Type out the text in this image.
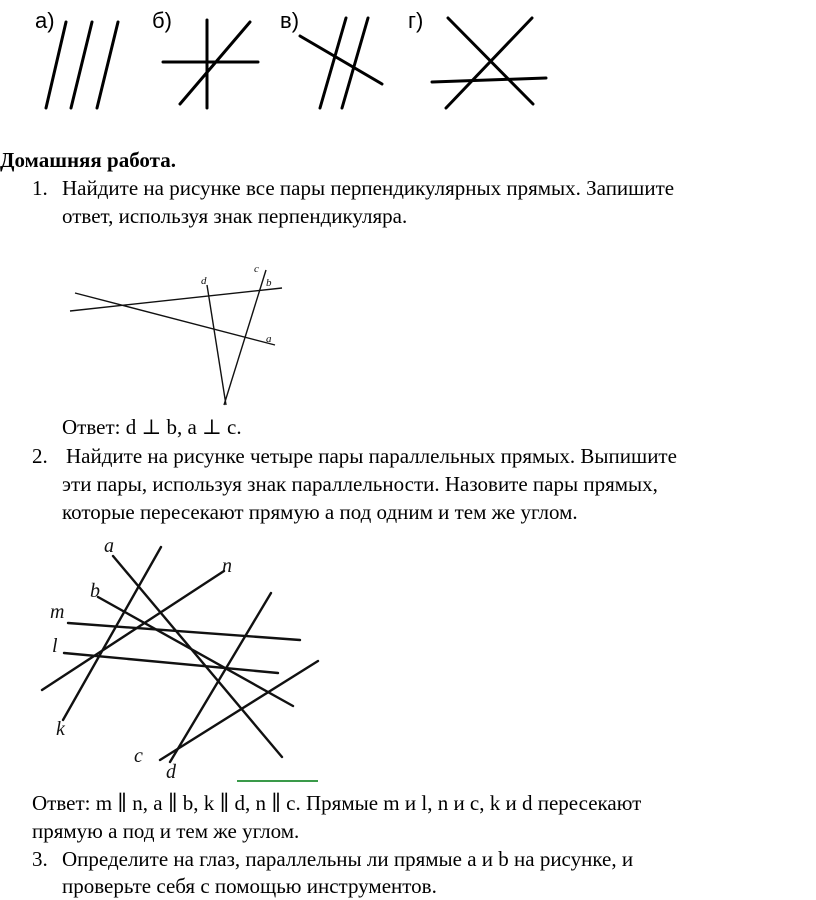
а)	б)	в)	г)
Домашняя работа.
1. Найдите на рисунке все пары перпендикулярных прямых. Запишите
ответ, используя знак перпендикуляра.
d
c
b
a
Ответ: d ⊥ b, a ⊥ c.
2. Найдите на рисунке четыре пары параллельных прямых. Выпишите
эти пары, используя знак параллельности. Назовите пары прямых,
которые пересекают прямую a под одним и тем же углом.
a
n
b
m
l
k
c
d
Ответ: m ∥ n, a ∥ b, k ∥ d, n ∥ c. Прямые m и l, n и c, k и d пересекают
прямую a под и тем же углом.
3. Определите на глаз, параллельны ли прямые a и b на рисунке, и
проверьте себя с помощью инструментов.
